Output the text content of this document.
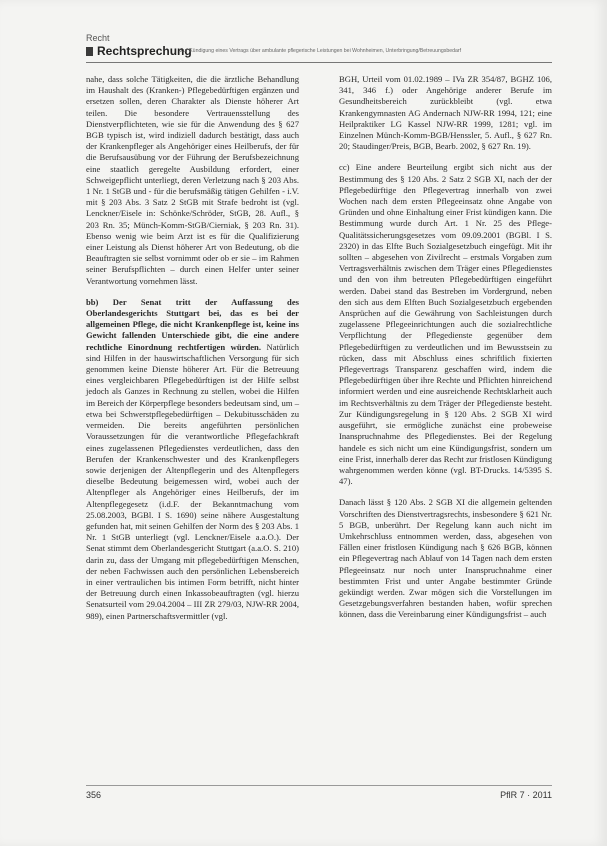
Recht
Rechtsprechung
Zur Kündigung eines Vertrags über ambulante pflegerische Leistungen bei Wohnheimen, Unterbringung/Betreuungsbedarf

nahe, dass solche Tätigkeiten, die die ärztliche Behandlung im Haushalt des (Kranken-) Pflegebedürftigen ergänzen und ersetzen sollen, deren Charakter als Dienste höherer Art teilen. Die besondere Vertrauensstellung des Dienstverpflichteten, wie sie für die Anwendung des § 627 BGB typisch ist, wird indiziell dadurch bestätigt, dass auch der Krankenpfleger als Angehöriger eines Heilberufs, der für die Berufsausübung vor der Führung der Berufsbezeichnung eine staatlich geregelte Ausbildung erfordert, einer Schweigepflicht unterliegt, deren Verletzung nach § 203 Abs. 1 Nr. 1 StGB und - für die berufsmäßig tätigen Gehilfen - i.V. mit § 203 Abs. 3 Satz 2 StGB mit Strafe bedroht ist (vgl. Lenckner/Eisele in: Schönke/Schröder, StGB, 28. Aufl., § 203 Rn. 35; Münch-Komm-StGB/Cierniak, § 203 Rn. 31). Ebenso wenig wie beim Arzt ist es für die Qualifizierung einer Leistung als Dienst höherer Art von Bedeutung, ob die Beauftragten sie selbst vornimmt oder ob er sie – im Rahmen seiner Berufspflichten – durch einen Helfer unter seiner Verantwortung vornehmen lässt.

bb) Der Senat tritt der Auffassung des Oberlandesgerichts Stuttgart bei, das es bei der allgemeinen Pflege, die nicht Krankenpflege ist, keine ins Gewicht fallenden Unterschiede gibt, die eine andere rechtliche Einordnung rechtfertigen würden. Natürlich sind Hilfen in der hauswirtschaftlichen Versorgung für sich genommen keine Dienste höherer Art. Für die Betreuung eines vergleichbaren Pflegebedürftigen ist der Hilfe selbst jedoch als Ganzes in Rechnung zu stellen, wobei die Hilfen im Bereich der Körperpflege besonders bedeutsam sind, um – etwa bei Schwerstpflegebedürftigen – Dekubitusschäden zu vermeiden. Die bereits angeführten persönlichen Voraussetzungen für die verantwortliche Pflegefachkraft eines zugelassenen Pflegedienstes verdeutlichen, dass den Berufen der Krankenschwester und des Krankenpflegers sowie derjenigen der Altenpflegerin und des Altenpflegers dieselbe Bedeutung beigemessen wird, wobei auch der Altenpfleger als Angehöriger eines Heilberufs, der im Altenpflegegesetz (i.d.F. der Bekanntmachung vom 25.08.2003, BGBl. I S. 1690) seine nähere Ausgestaltung gefunden hat, mit seinen Gehilfen der Norm des § 203 Abs. 1 Nr. 1 StGB unterliegt (vgl. Lenckner/Eisele a.a.O.). Der Senat stimmt dem Oberlandesgericht Stuttgart (a.a.O. S. 210) darin zu, dass der Umgang mit pflegebedürftigen Menschen, der neben Fachwissen auch den persönlichen Lebensbereich in einer vertraulichen bis intimen Form betrifft, nicht hinter der Betreuung durch einen Inkassobeauftragten (vgl. hierzu Senatsurteil vom 29.04.2004 – III ZR 279/03, NJW-RR 2004, 989), einen Partnerschaftsvermittler (vgl.

BGH, Urteil vom 01.02.1989 – IVa ZR 354/87, BGHZ 106, 341, 346 f.) oder Angehörige anderer Berufe im Gesundheitsbereich zurückbleibt (vgl. etwa Krankengymnasten AG Andernach NJW-RR 1994, 121; eine Heilpraktiker LG Kassel NJW-RR 1999, 1281; vgl. im Einzelnen Münch-Komm-BGB/Henssler, 5. Aufl., § 627 Rn. 20; Staudinger/Preis, BGB, Bearb. 2002, § 627 Rn. 19).

cc) Eine andere Beurteilung ergibt sich nicht aus der Bestimmung des § 120 Abs. 2 Satz 2 SGB XI, nach der der Pflegebedürftige den Pflegevertrag innerhalb von zwei Wochen nach dem ersten Pflegeeinsatz ohne Angabe von Gründen und ohne Einhaltung einer Frist kündigen kann. Die Bestimmung wurde durch Art. 1 Nr. 25 des Pflege-Qualitätssicherungsgesetzes vom 09.09.2001 (BGBl. I S. 2320) in das Elfte Buch Sozialgesetzbuch eingefügt. Mit ihr sollten – abgesehen von Zivilrecht – erstmals Vorgaben zum Vertragsverhältnis zwischen dem Träger eines Pflegedienstes und den von ihm betreuten Pflegebedürftigen eingeführt werden. Dabei stand das Bestreben im Vordergrund, neben den sich aus dem Elften Buch Sozialgesetzbuch ergebenden Ansprüchen auf die Gewährung von Sachleistungen durch zugelassene Pflegeeinrichtungen auch die sozialrechtliche Verpflichtung der Pflegedienste gegenüber dem Pflegebedürftigen zu verdeutlichen und im Bewusstsein zu rücken, dass mit Abschluss eines schriftlich fixierten Pflegevertrags Transparenz geschaffen wird, indem die Pflegebedürftigen über ihre Rechte und Pflichten hinreichend informiert werden und eine ausreichende Rechtsklarheit auch im Rechtsverhältnis zu dem Träger der Pflegedienste besteht. Zur Kündigungsregelung in § 120 Abs. 2 SGB XI wird ausgeführt, sie ermögliche zunächst eine probeweise Inanspruchnahme des Pflegedienstes. Bei der Regelung handele es sich nicht um eine Kündigungsfrist, sondern um eine Frist, innerhalb derer das Recht zur fristlosen Kündigung wahrgenommen werden könne (vgl. BT-Drucks. 14/5395 S. 47).

Danach lässt § 120 Abs. 2 SGB XI die allgemein geltenden Vorschriften des Dienstvertragsrechts, insbesondere § 621 Nr. 5 BGB, unberührt. Der Regelung kann auch nicht im Umkehrschluss entnommen werden, dass, abgesehen von Fällen einer fristlosen Kündigung nach § 626 BGB, können ein Pflegevertrag nach Ablauf von 14 Tagen nach dem ersten Pflegeeinsatz nur noch unter Inanspruchnahme einer bestimmten Frist und unter Angabe bestimmter Gründe gekündigt werden. Zwar mögen sich die Vorstellungen im Gesetzgebungsverfahren bestanden haben, wofür sprechen können, dass die Vereinbarung einer Kündigungsfrist – auch

356	PflR 7 · 2011
